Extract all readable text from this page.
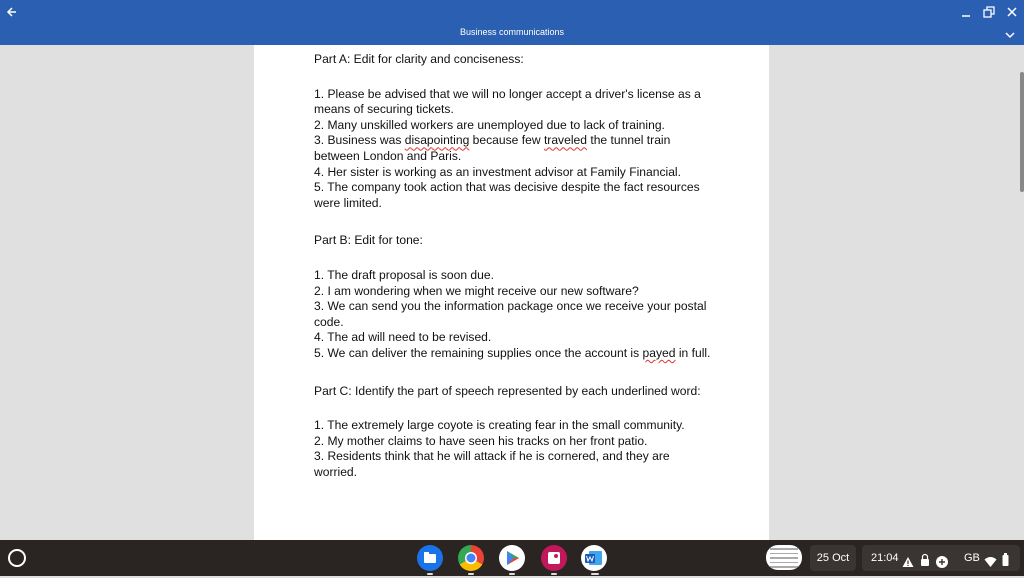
Business communications

Part A: Edit for clarity and conciseness:

1. Please be advised that we will no longer accept a driver's license as a means of securing tickets.

2. Many unskilled workers are unemployed due to lack of training.

3. Business was disapointing because few traveled the tunnel train between London and Paris.

4. Her sister is working as an investment advisor at Family Financial.

5. The company took action that was decisive despite the fact resources were limited.

Part B: Edit for tone:

1. The draft proposal is soon due.

2. I am wondering when we might receive our new software?

3. We can send you the information package once we receive your postal code.

4. The ad will need to be revised.

5. We can deliver the remaining supplies once the account is payed in full.

Part C: Identify the part of speech represented by each underlined word:

1. The extremely large coyote is creating fear in the small community.

2. My mother claims to have seen his tracks on her front patio.

3. Residents think that he will attack if he is cornered, and they are worried.

25 Oct	21:04	GB
